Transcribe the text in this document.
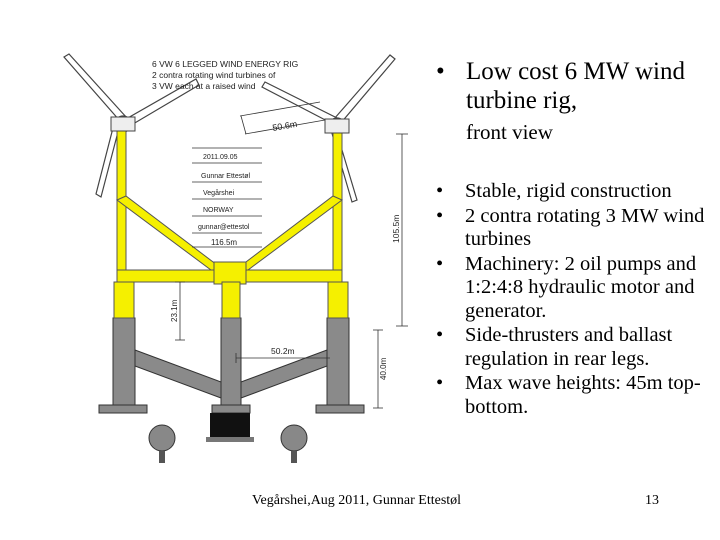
6 VW 6 LEGGED WIND ENERGY RIG
2 contra rotating wind turbines of
3 VW each at a raised wind
2011.09.05
Gunnar Ettestøl
Vegårshei
NORWAY
gunnar@ettestol
116.5m
50.6m
105.5m
23.1m
50.2m
40.0m
• Low cost 6 MW wind turbine rig,
front view
• Stable, rigid construction
• 2 contra rotating 3 MW wind turbines
• Machinery: 2 oil pumps and 1:2:4:8 hydraulic motor and generator.
• Side-thrusters and ballast regulation in rear legs.
• Max wave heights: 45m top-bottom.
Vegårshei,Aug 2011, Gunnar Ettestøl	13
